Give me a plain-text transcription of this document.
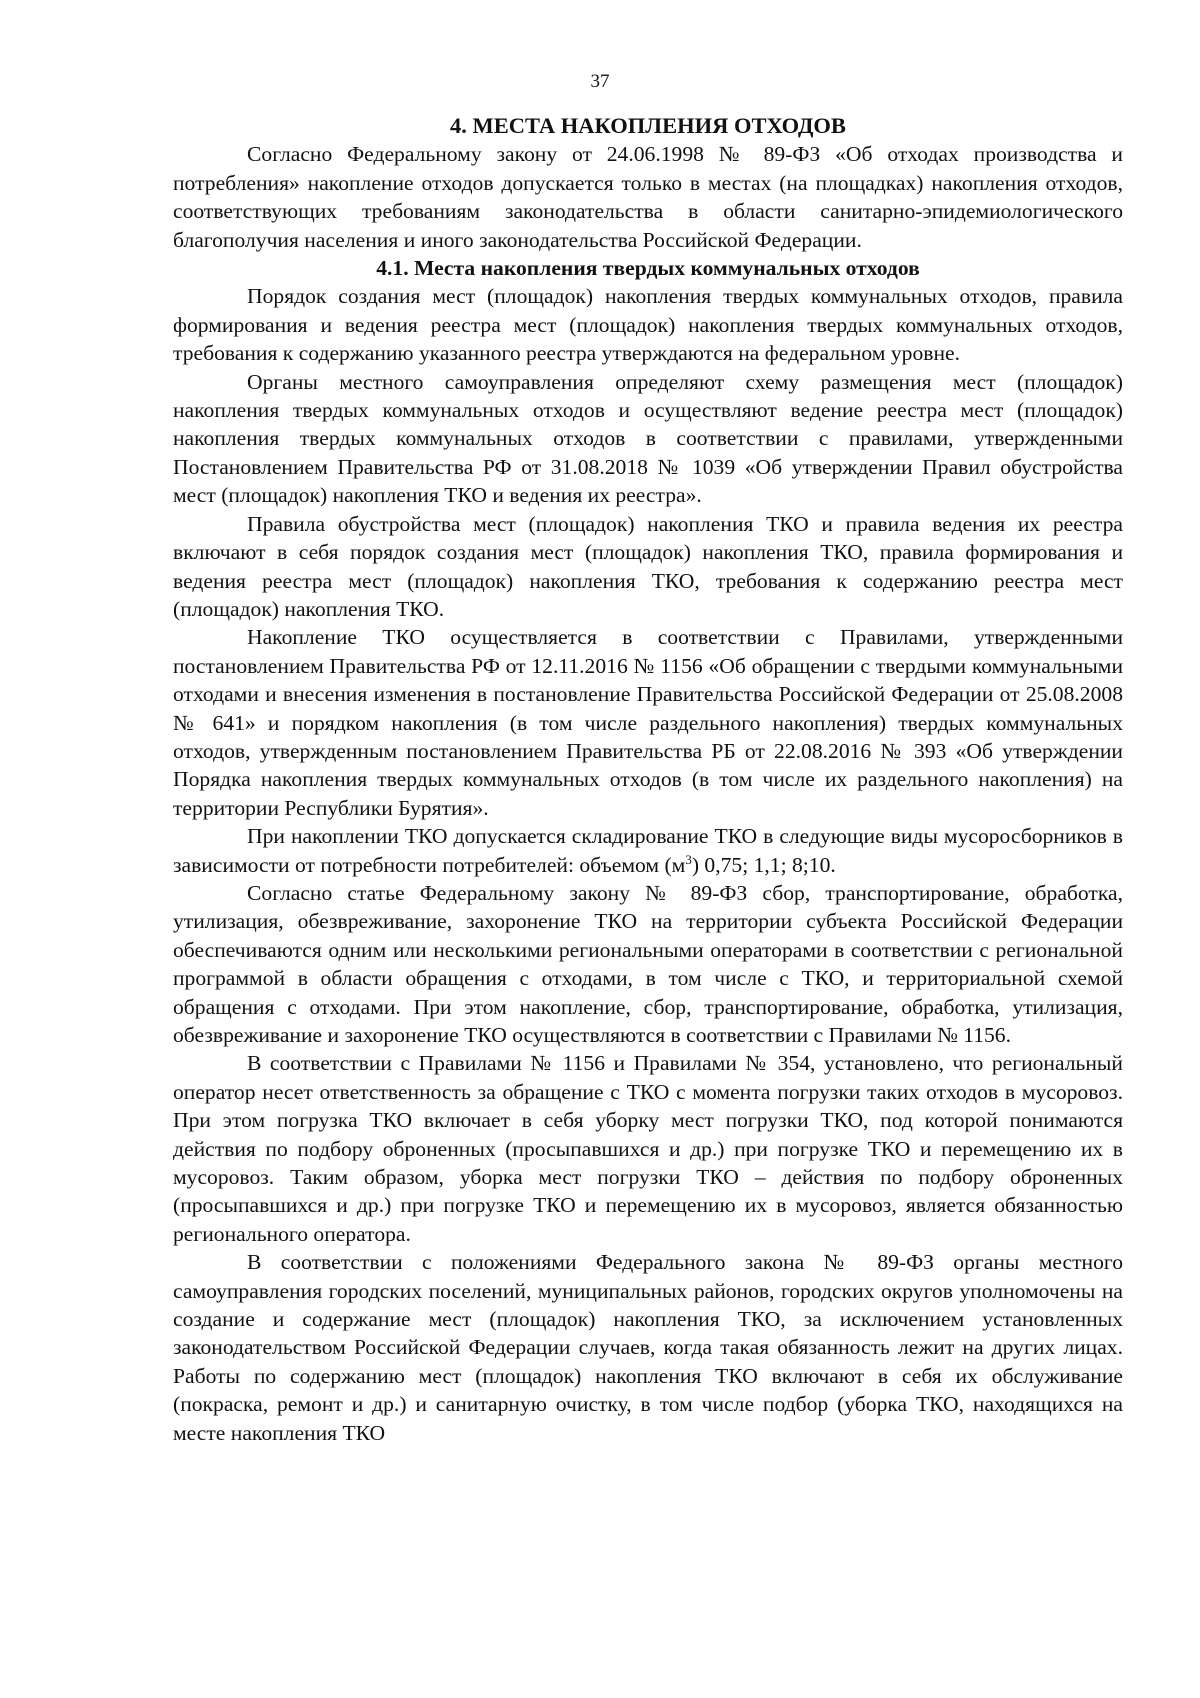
37
4. МЕСТА НАКОПЛЕНИЯ ОТХОДОВ

Согласно Федеральному закону от 24.06.1998 № 89-ФЗ «Об отходах производства и потребления» накопление отходов допускается только в местах (на площадках) накопления отходов, соответствующих требованиям законодательства в области санитарно-эпидемиологического благополучия населения и иного законодательства Российской Федерации.

4.1. Места накопления твердых коммунальных отходов

Порядок создания мест (площадок) накопления твердых коммунальных отходов, правила формирования и ведения реестра мест (площадок) накопления твердых коммунальных отходов, требования к содержанию указанного реестра утверждаются на федеральном уровне.

Органы местного самоуправления определяют схему размещения мест (площадок) накопления твердых коммунальных отходов и осуществляют ведение реестра мест (площадок) накопления твердых коммунальных отходов в соответствии с правилами, утвержденными Постановлением Правительства РФ от 31.08.2018 № 1039 «Об утверждении Правил обустройства мест (площадок) накопления ТКО и ведения их реестра».

Правила обустройства мест (площадок) накопления ТКО и правила ведения их реестра включают в себя порядок создания мест (площадок) накопления ТКО, правила формирования и ведения реестра мест (площадок) накопления ТКО, требования к содержанию реестра мест (площадок) накопления ТКО.

Накопление ТКО осуществляется в соответствии с Правилами, утвержденными постановлением Правительства РФ от 12.11.2016 № 1156 «Об обращении с твердыми коммунальными отходами и внесения изменения в постановление Правительства Российской Федерации от 25.08.2008 № 641» и порядком накопления (в том числе раздельного накопления) твердых коммунальных отходов, утвержденным постановлением Правительства РБ от 22.08.2016 № 393 «Об утверждении Порядка накопления твердых коммунальных отходов (в том числе их раздельного накопления) на территории Республики Бурятия».

При накоплении ТКО допускается складирование ТКО в следующие виды мусоросборников в зависимости от потребности потребителей: объемом $(м^3)$ 0,75; 1,1; 8;10.

Согласно статье Федеральному закону № 89-ФЗ сбор, транспортирование, обработка, утилизация, обезвреживание, захоронение ТКО на территории субъекта Российской Федерации обеспечиваются одним или несколькими региональными операторами в соответствии с региональной программой в области обращения с отходами, в том числе с ТКО, и территориальной схемой обращения с отходами. При этом накопление, сбор, транспортирование, обработка, утилизация, обезвреживание и захоронение ТКО осуществляются в соответствии с Правилами № 1156.

В соответствии с Правилами № 1156 и Правилами № 354, установлено, что региональный оператор несет ответственность за обращение с ТКО с момента погрузки таких отходов в мусоровоз. При этом погрузка ТКО включает в себя уборку мест погрузки ТКО, под которой понимаются действия по подбору оброненных (просыпавшихся и др.) при погрузке ТКО и перемещению их в мусоровоз. Таким образом, уборка мест погрузки ТКО – действия по подбору оброненных (просыпавшихся и др.) при погрузке ТКО и перемещению их в мусоровоз, является обязанностью регионального оператора.

В соответствии с положениями Федерального закона № 89-ФЗ органы местного самоуправления городских поселений, муниципальных районов, городских округов уполномочены на создание и содержание мест (площадок) накопления ТКО, за исключением установленных законодательством Российской Федерации случаев, когда такая обязанность лежит на других лицах. Работы по содержанию мест (площадок) накопления ТКО включают в себя их обслуживание (покраска, ремонт и др.) и санитарную очистку, в том числе подбор (уборка ТКО, находящихся на месте накопления ТКО
